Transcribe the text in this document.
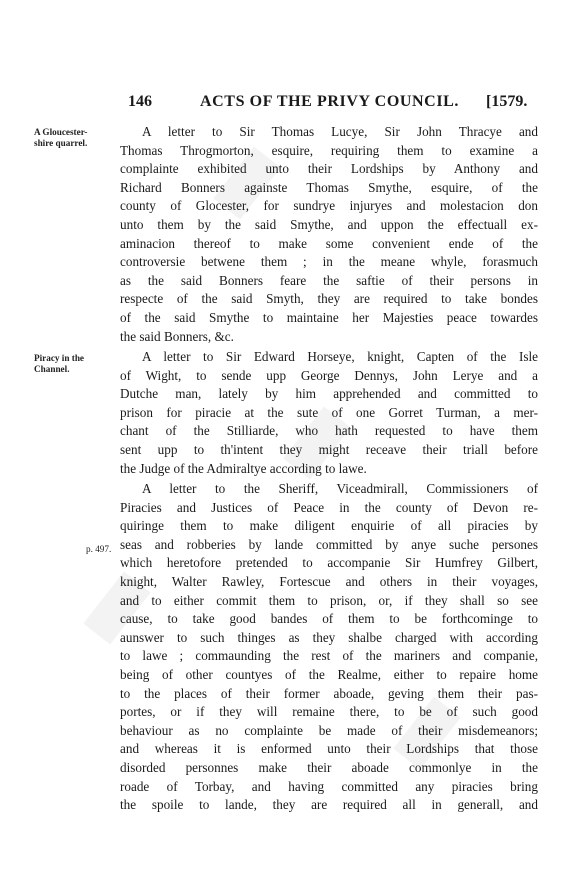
146	ACTS OF THE PRIVY COUNCIL. [1579.
A Gloucester-
shire quarrel.
Piracy in the
Channel.
p. 497.
A letter to Sir Thomas Lucye, Sir John Thracye and
Thomas Throgmorton, esquire, requiring them to examine a
complainte exhibited unto their Lordships by Anthony and
Richard Bonners againste Thomas Smythe, esquire, of the
county of Glocester, for sundrye injuryes and molestacion don
unto them by the said Smythe, and uppon the effectuall ex-
aminacion thereof to make some convenient ende of the
controversie betwene them ; in the meane whyle, forasmuch
as the said Bonners feare the saftie of their persons in
respecte of the said Smyth, they are required to take bondes
of the said Smythe to maintaine her Majesties peace towardes
the said Bonners, &c.
A letter to Sir Edward Horseye, knight, Capten of the Isle
of Wight, to sende upp George Dennys, John Lerye and a
Dutche man, lately by him apprehended and committed to
prison for piracie at the sute of one Gorret Turman, a mer-
chant of the Stilliarde, who hath requested to have them
sent upp to th'intent they might receave their triall before
the Judge of the Admiraltye according to lawe.
A letter to the Sheriff, Viceadmirall, Commissioners of
Piracies and Justices of Peace in the county of Devon re-
quiringe them to make diligent enquirie of all piracies by
seas and robberies by lande committed by anye suche persones
which heretofore pretended to accompanie Sir Humfrey Gilbert,
knight, Walter Rawley, Fortescue and others in their voyages,
and to either commit them to prison, or, if they shall so see
cause, to take good bandes of them to be forthcominge to
aunswer to such thinges as they shalbe charged with according
to lawe ; commaunding the rest of the mariners and companie,
being of other countyes of the Realme, either to repaire home
to the places of their former aboade, geving them their pas-
portes, or if they will remaine there, to be of such good
behaviour as no complainte be made of their misdemeanors;
and whereas it is enformed unto their Lordships that those
disorded personnes make their aboade commonlye in the
roade of Torbay, and having committed any piracies bring
the spoile to lande, they are required all in generall, and
